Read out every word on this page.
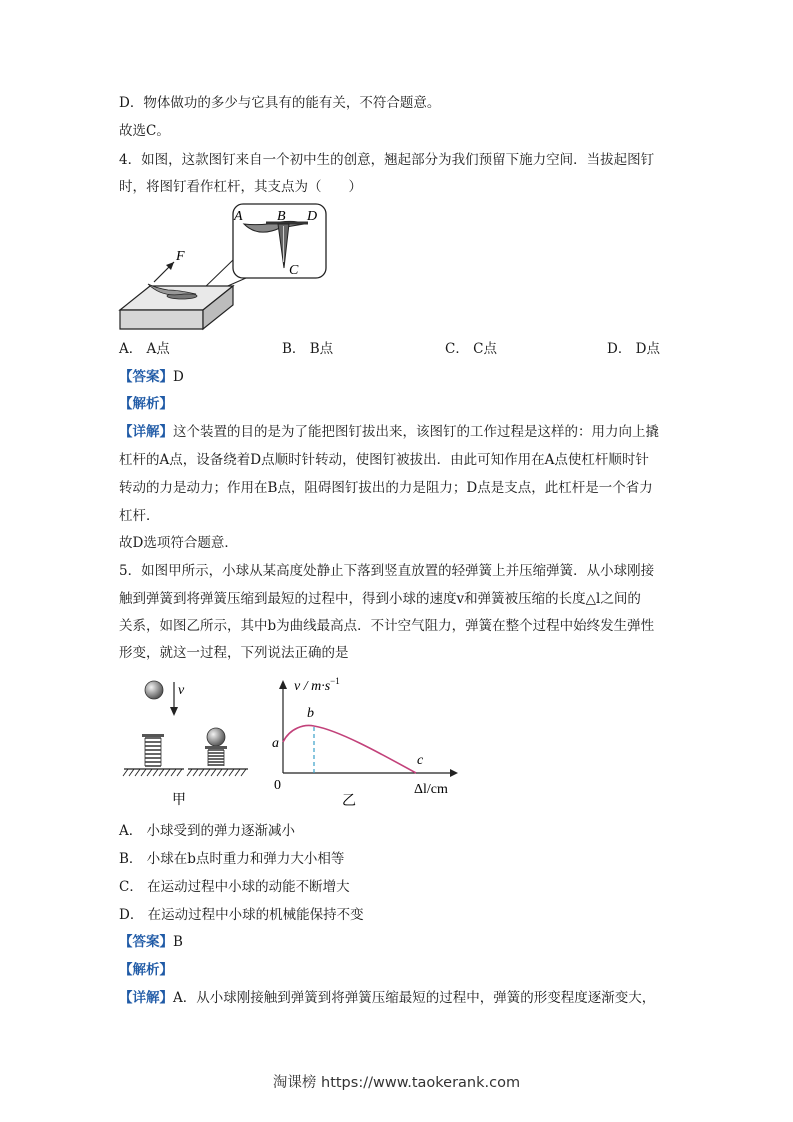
D．物体做功的多少与它具有的能有关，不符合题意。
故选C。
4．如图，这款图钉来自一个初中生的创意，翘起部分为我们预留下施力空间．当拔起图钉
时，将图钉看作杠杆，其支点为（　　）
A B D
C
F
A． A点	B． B点	C． C点	D． D点
【答案】D
【解析】
【详解】这个装置的目的是为了能把图钉拔出来，该图钉的工作过程是这样的：用力向上撬
杠杆的A点，设备绕着D点顺时针转动，使图钉被拔出．由此可知作用在A点使杠杆顺时针
转动的力是动力；作用在B点，阻碍图钉拔出的力是阻力；D点是支点，此杠杆是一个省力
杠杆．
故D选项符合题意．
5．如图甲所示，小球从某高度处静止下落到竖直放置的轻弹簧上并压缩弹簧．从小球刚接
触到弹簧到将弹簧压缩到最短的过程中，得到小球的速度v和弹簧被压缩的长度△l之间的
关系，如图乙所示，其中b为曲线最高点．不计空气阻力，弹簧在整个过程中始终发生弹性
形变，就这一过程，下列说法正确的是
v
甲
$v / m\cdot s^{-1}$
a
b
c
0	Δl/cm
乙
A． 小球受到的弹力逐渐减小
B． 小球在b点时重力和弹力大小相等
C． 在运动过程中小球的动能不断增大
D． 在运动过程中小球的机械能保持不变
【答案】B
【解析】
【详解】A．从小球刚接触到弹簧到将弹簧压缩最短的过程中，弹簧的形变程度逐渐变大，
淘课榜 https://www.taokerank.com
